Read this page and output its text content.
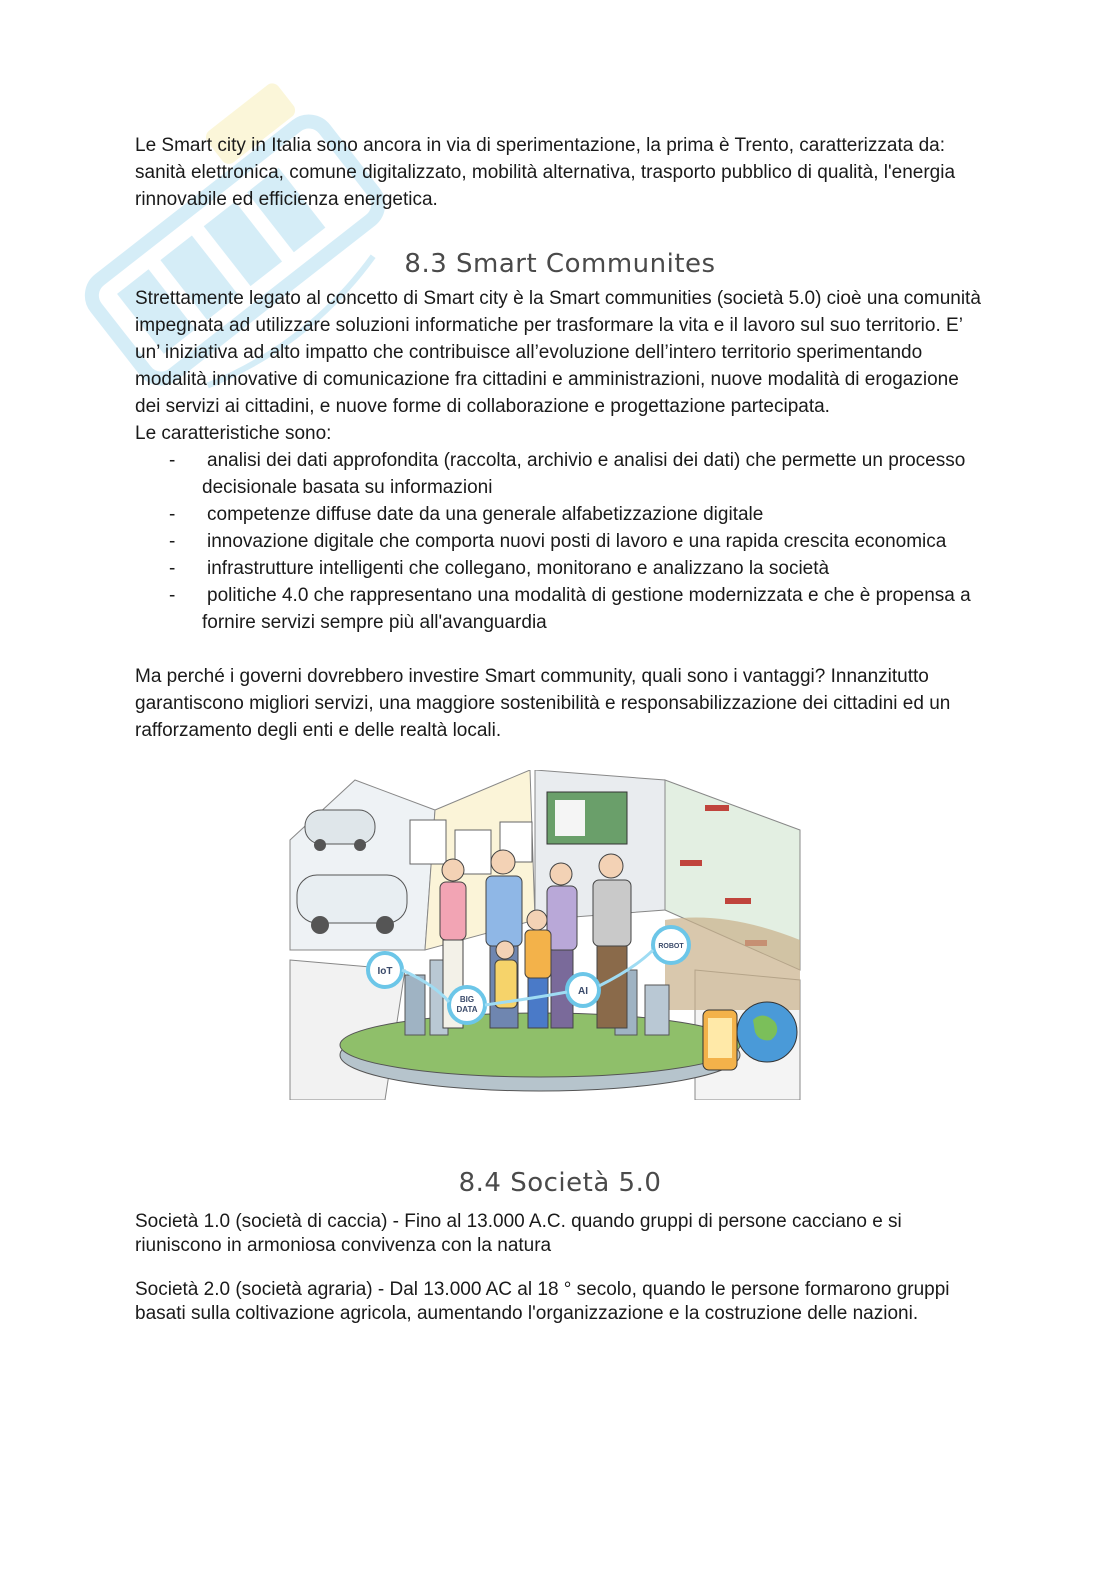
Le Smart city in Italia sono ancora in via di sperimentazione, la prima è Trento, caratterizzata da: sanità elettronica, comune digitalizzato, mobilità alternativa, trasporto pubblico di qualità, l'energia rinnovabile ed efficienza energetica.

8.3 Smart Communites

Strettamente legato al concetto di Smart city è la Smart communities (società 5.0) cioè una comunità impegnata ad utilizzare soluzioni informatiche per trasformare la vita e il lavoro sul suo territorio. E’ un’ iniziativa ad alto impatto che contribuisce all’evoluzione dell’intero territorio sperimentando modalità innovative di comunicazione fra cittadini e amministrazioni, nuove modalità di erogazione dei servizi ai cittadini, e nuove forme di collaborazione e progettazione partecipata.

Le caratteristiche sono:

- analisi dei dati approfondita (raccolta, archivio e analisi dei dati) che permette un processo decisionale basata su informazioni
- competenze diffuse date da una generale alfabetizzazione digitale
- innovazione digitale che comporta nuovi posti di lavoro e una rapida crescita economica
- infrastrutture intelligenti che collegano, monitorano e analizzano la società
- politiche 4.0 che rappresentano una modalità di gestione modernizzata e che è propensa a fornire servizi sempre più all'avanguardia

Ma perché i governi dovrebbero investire Smart community, quali sono i vantaggi? Innanzitutto garantiscono migliori servizi, una maggiore sostenibilità e responsabilizzazione dei cittadini ed un rafforzamento degli enti e delle realtà locali.

IoT
BIG
DATA
AI
ROBOT
8.4 Società 5.0

Società 1.0 (società di caccia) - Fino al 13.000 A.C. quando gruppi di persone cacciano e si riuniscono in armoniosa convivenza con la natura

Società 2.0 (società agraria) - Dal 13.000 AC al 18 ° secolo, quando le persone formarono gruppi basati sulla coltivazione agricola, aumentando l'organizzazione e la costruzione delle nazioni.
